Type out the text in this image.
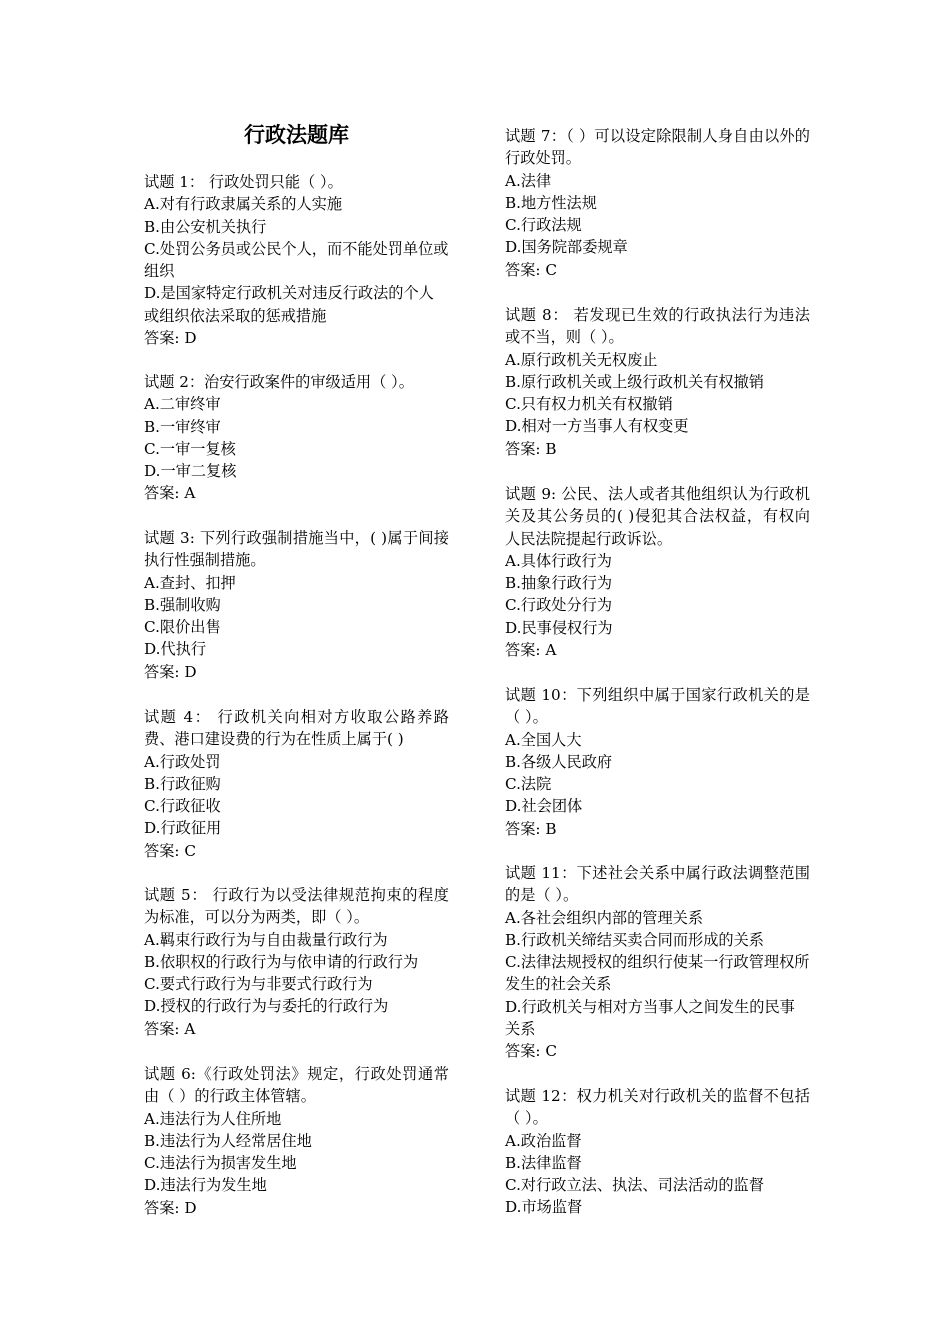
行政法题库
试题 1： 行政处罚只能（ ）。
A.对有行政隶属关系的人实施
B.由公安机关执行
C.处罚公务员或公民个人，而不能处罚单位或组织
D.是国家特定行政机关对违反行政法的个人或组织依法采取的惩戒措施
答案: D
试题 2：治安行政案件的审级适用（ ）。
A.二审终审
B.一审终审
C.一审一复核
D.一审二复核
答案: A
试题 3: 下列行政强制措施当中，( )属于间接执行性强制措施。
A.查封、扣押
B.强制收购
C.限价出售
D.代执行
答案: D
试题 4： 行政机关向相对方收取公路养路费、港口建设费的行为在性质上属于( )
A.行政处罚
B.行政征购
C.行政征收
D.行政征用
答案: C
试题 5： 行政行为以受法律规范拘束的程度为标准，可以分为两类，即（ ）。
A.羁束行政行为与自由裁量行政行为
B.依职权的行政行为与依申请的行政行为
C.要式行政行为与非要式行政行为
D.授权的行政行为与委托的行政行为
答案: A
试题 6:《行政处罚法》规定，行政处罚通常由（ ）的行政主体管辖。
A.违法行为人住所地
B.违法行为人经常居住地
C.违法行为损害发生地
D.违法行为发生地
答案: D
试题 7：（ ）可以设定除限制人身自由以外的行政处罚。
A.法律
B.地方性法规
C.行政法规
D.国务院部委规章
答案: C
试题 8： 若发现已生效的行政执法行为违法或不当，则（ ）。
A.原行政机关无权废止
B.原行政机关或上级行政机关有权撤销
C.只有权力机关有权撤销
D.相对一方当事人有权变更
答案: B
试题 9: 公民、法人或者其他组织认为行政机关及其公务员的( )侵犯其合法权益，有权向人民法院提起行政诉讼。
A.具体行政行为
B.抽象行政行为
C.行政处分行为
D.民事侵权行为
答案: A
试题 10：下列组织中属于国家行政机关的是（ ）。
A.全国人大
B.各级人民政府
C.法院
D.社会团体
答案: B
试题 11：下述社会关系中属行政法调整范围的是（ ）。
A.各社会组织内部的管理关系
B.行政机关缔结买卖合同而形成的关系
C.法律法规授权的组织行使某一行政管理权所发生的社会关系
D.行政机关与相对方当事人之间发生的民事关系
答案: C
试题 12：权力机关对行政机关的监督不包括（ ）。
A.政治监督
B.法律监督
C.对行政立法、执法、司法活动的监督
D.市场监督
